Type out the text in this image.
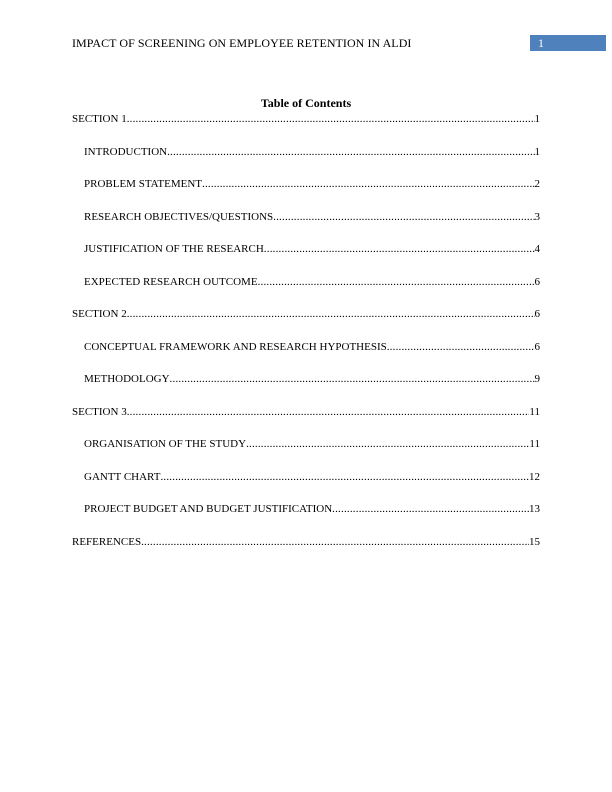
IMPACT OF SCREENING ON EMPLOYEE RETENTION IN ALDI	1
Table of Contents
SECTION 1 .....	1
INTRODUCTION .....	1
PROBLEM STATEMENT .....	2
RESEARCH OBJECTIVES/QUESTIONS .....	3
JUSTIFICATION OF THE RESEARCH .....	4
EXPECTED RESEARCH OUTCOME .....	6
SECTION 2 .....	6
CONCEPTUAL FRAMEWORK AND RESEARCH HYPOTHESIS .....	6
METHODOLOGY .....	9
SECTION 3 .....	11
ORGANISATION OF THE STUDY .....	11
GANTT CHART .....	12
PROJECT BUDGET AND BUDGET JUSTIFICATION .....	13
REFERENCES .....	15
